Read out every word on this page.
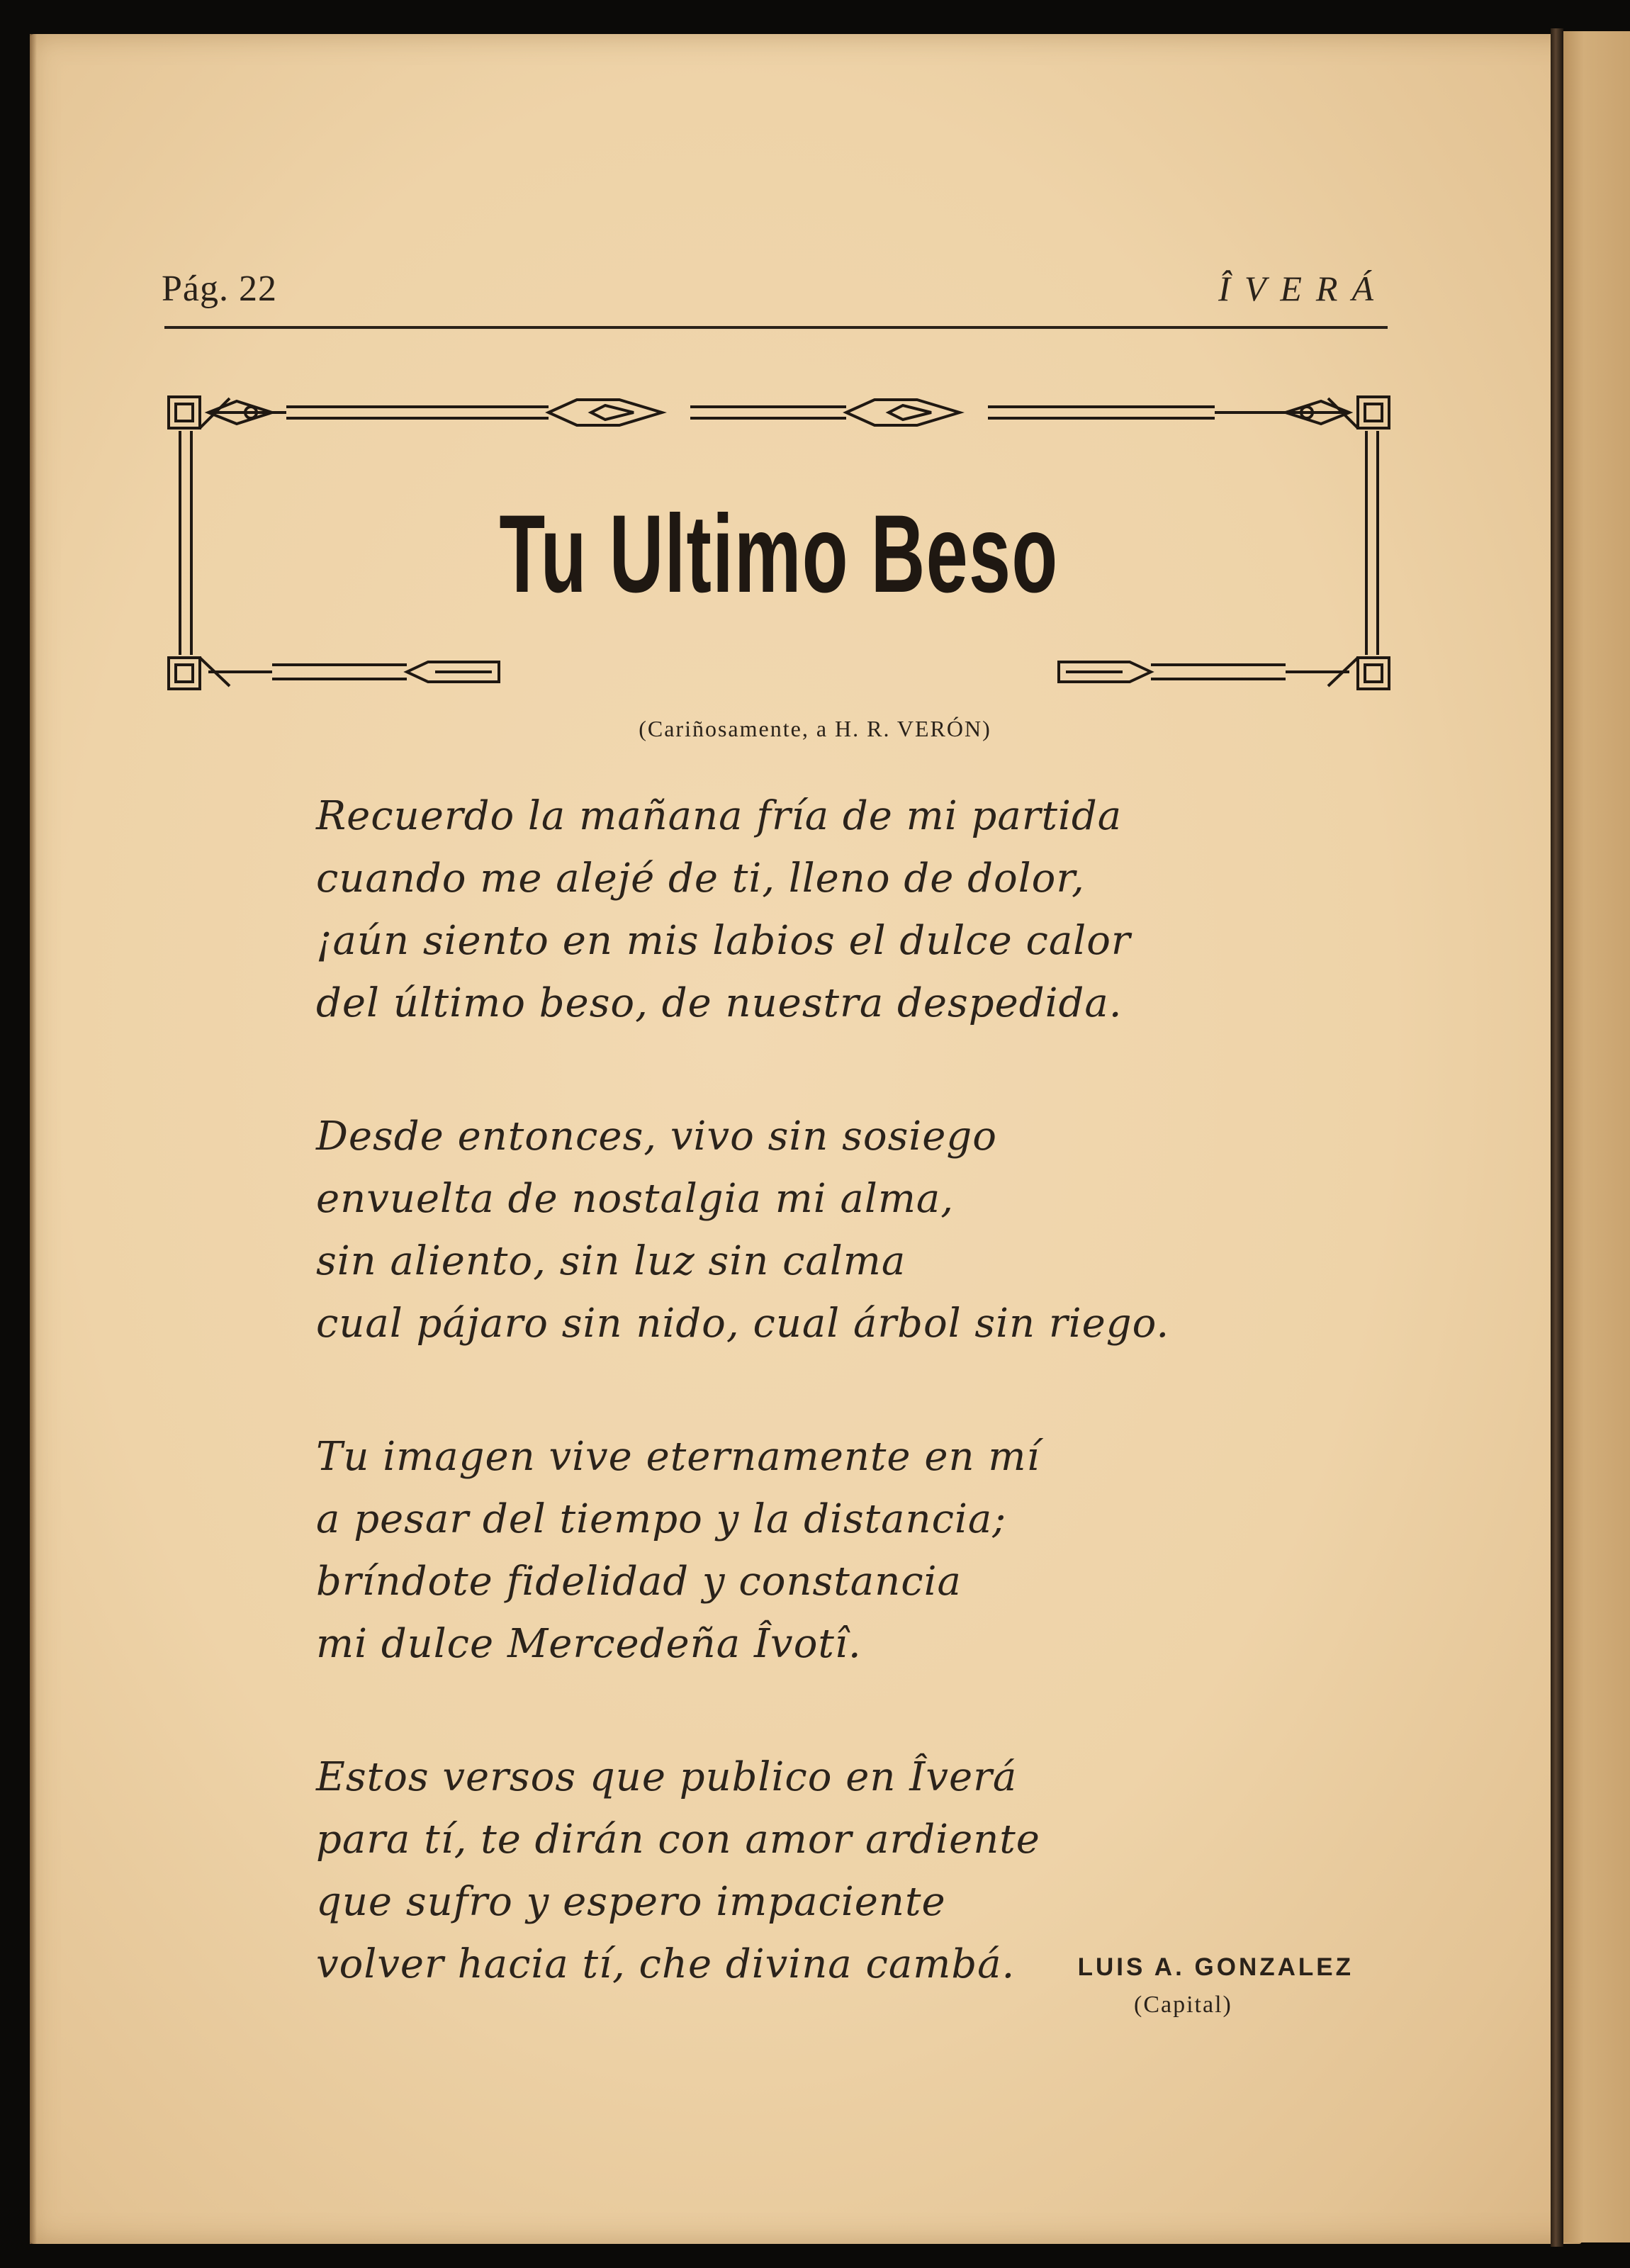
Pág. 22	ÎVERÁ
Tu Ultimo Beso
(Cariñosamente, a H. R. VERÓN)
Recuerdo la mañana fría de mi partida
cuando me alejé de ti, lleno de dolor,
¡aún siento en mis labios el dulce calor
del último beso, de nuestra despedida.
Desde entonces, vivo sin sosiego
envuelta de nostalgia mi alma,
sin aliento, sin luz sin calma
cual pájaro sin nido, cual árbol sin riego.
Tu imagen vive eternamente en mí
a pesar del tiempo y la distancia;
bríndote fidelidad y constancia
mi dulce Mercedeña Îvotî.
Estos versos que publico en Îverá
para tí, te dirán con amor ardiente
que sufro y espero impaciente
volver hacia tí, che divina cambá.	LUIS A. GONZALEZ
(Capital)
